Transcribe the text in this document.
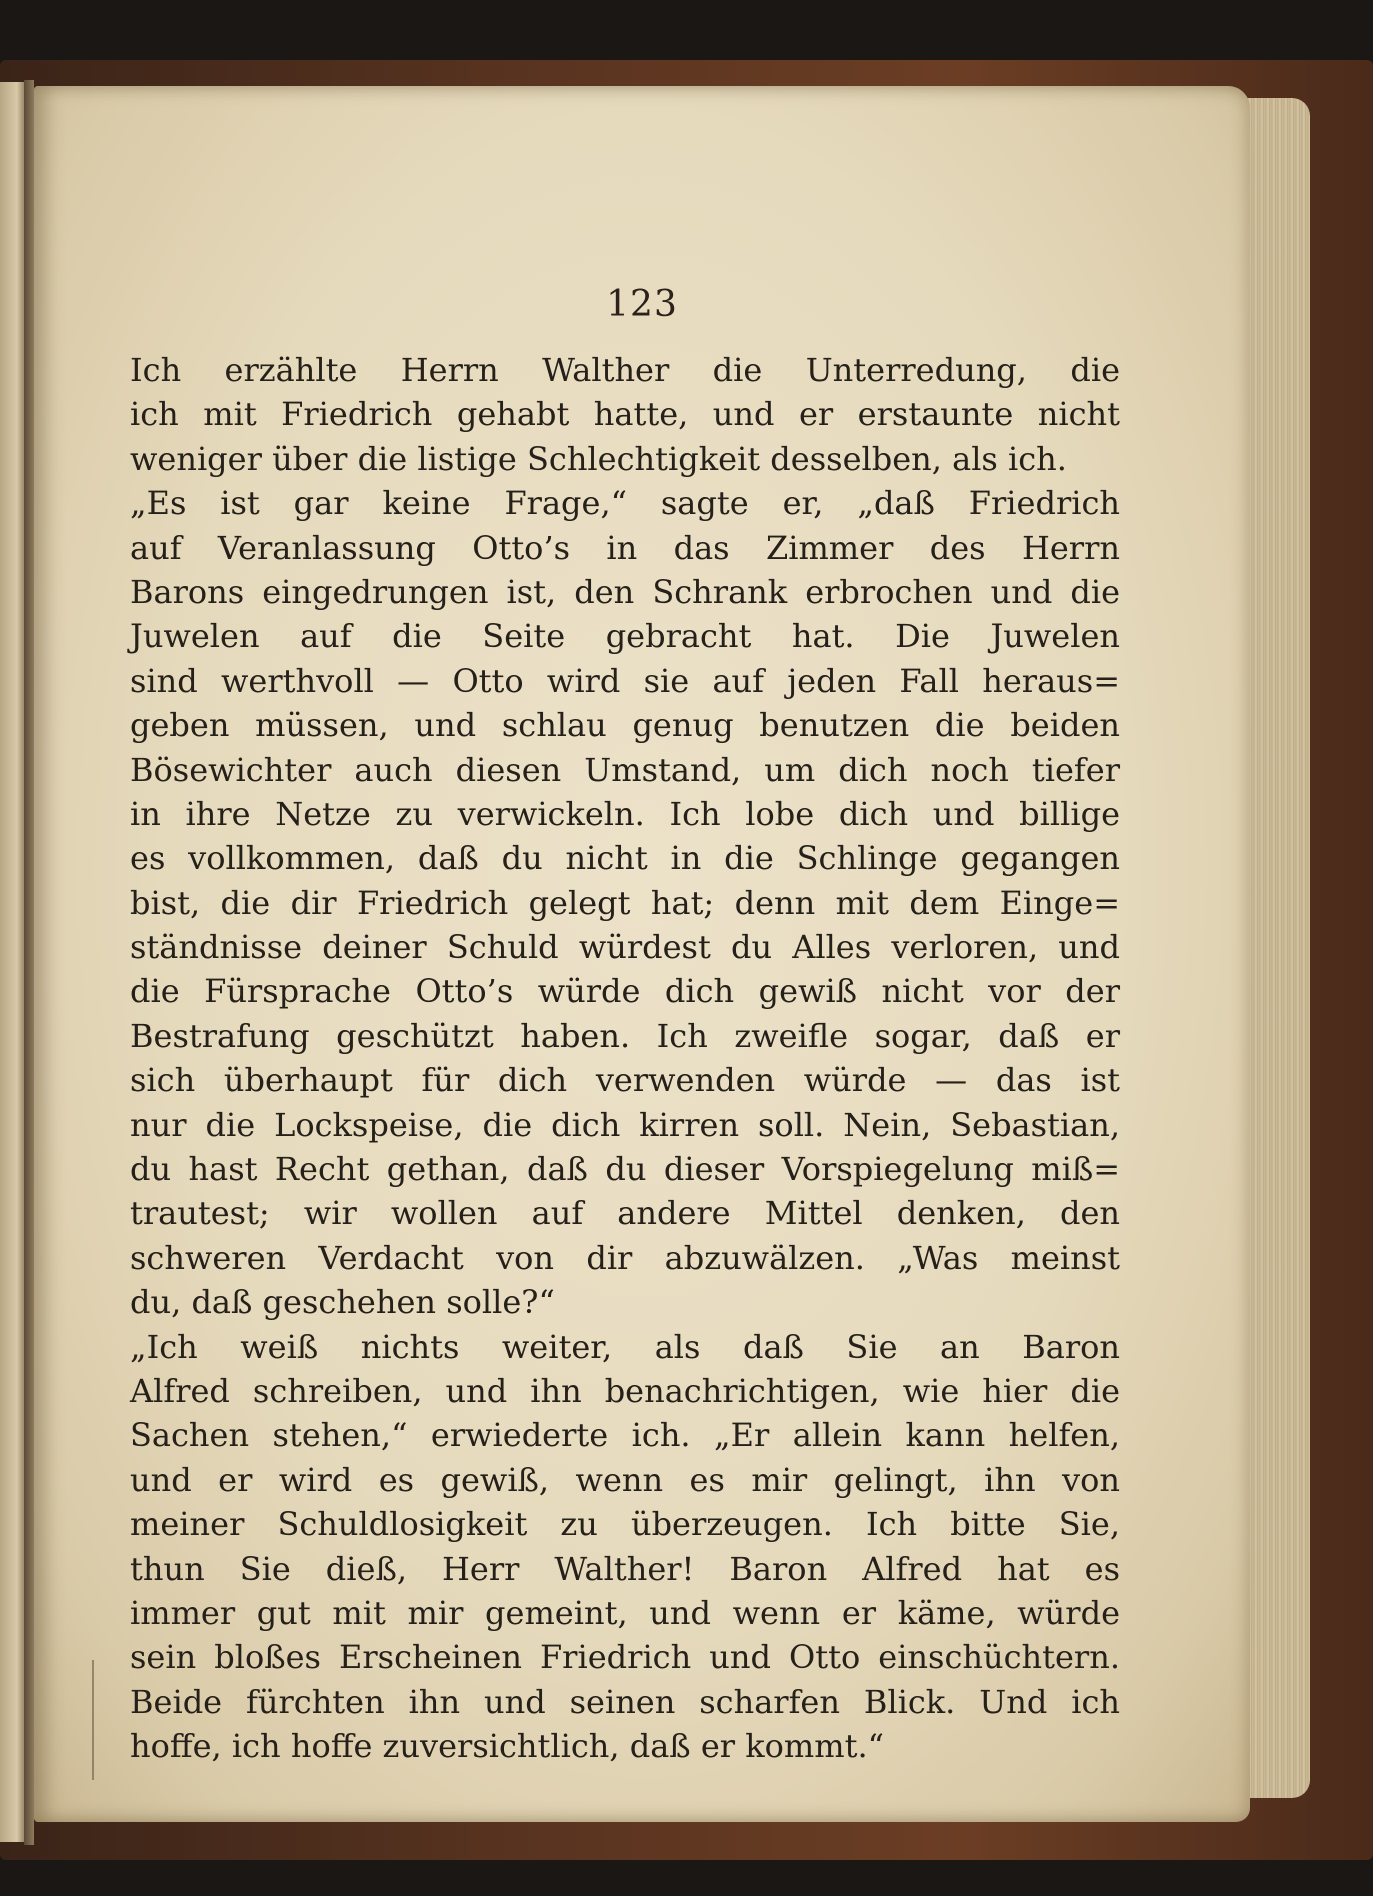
123
Ich erzählte Herrn Walther die Unterredung, die
ich mit Friedrich gehabt hatte, und er erstaunte nicht
weniger über die listige Schlechtigkeit desselben, als ich.
„Es ist gar keine Frage,“ sagte er, „daß Friedrich
auf Veranlassung Otto’s in das Zimmer des Herrn
Barons eingedrungen ist, den Schrank erbrochen und die
Juwelen auf die Seite gebracht hat. Die Juwelen
sind werthvoll — Otto wird sie auf jeden Fall heraus=
geben müssen, und schlau genug benutzen die beiden
Bösewichter auch diesen Umstand, um dich noch tiefer
in ihre Netze zu verwickeln. Ich lobe dich und billige
es vollkommen, daß du nicht in die Schlinge gegangen
bist, die dir Friedrich gelegt hat; denn mit dem Einge=
ständnisse deiner Schuld würdest du Alles verloren, und
die Fürsprache Otto’s würde dich gewiß nicht vor der
Bestrafung geschützt haben. Ich zweifle sogar, daß er
sich überhaupt für dich verwenden würde — das ist
nur die Lockspeise, die dich kirren soll. Nein, Sebastian,
du hast Recht gethan, daß du dieser Vorspiegelung miß=
trautest; wir wollen auf andere Mittel denken, den
schweren Verdacht von dir abzuwälzen. „Was meinst
du, daß geschehen solle?“
„Ich weiß nichts weiter, als daß Sie an Baron
Alfred schreiben, und ihn benachrichtigen, wie hier die
Sachen stehen,“ erwiederte ich. „Er allein kann helfen,
und er wird es gewiß, wenn es mir gelingt, ihn von
meiner Schuldlosigkeit zu überzeugen. Ich bitte Sie,
thun Sie dieß, Herr Walther! Baron Alfred hat es
immer gut mit mir gemeint, und wenn er käme, würde
sein bloßes Erscheinen Friedrich und Otto einschüchtern.
Beide fürchten ihn und seinen scharfen Blick. Und ich
hoffe, ich hoffe zuversichtlich, daß er kommt.“
